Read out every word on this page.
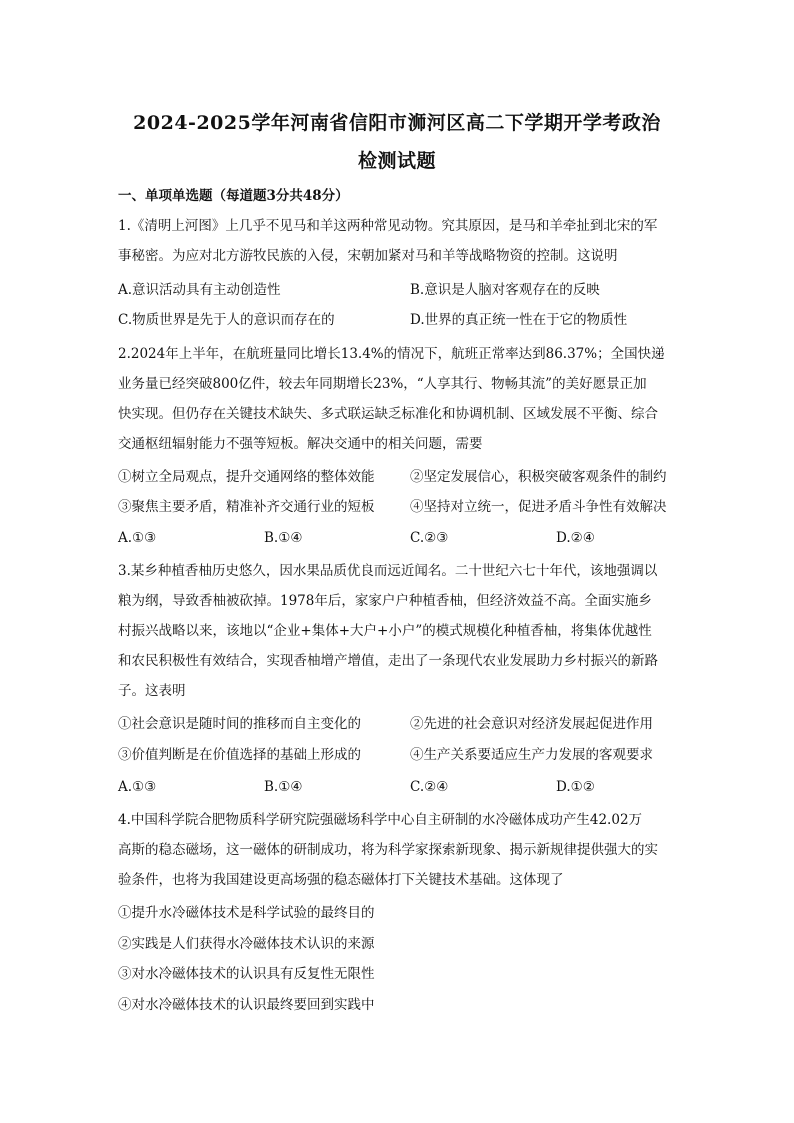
2024-2025学年河南省信阳市浉河区高二下学期开学考政治
检测试题
一、单项单选题（每道题3分共48分）
1.《清明上河图》上几乎不见马和羊这两种常见动物。究其原因，是马和羊牵扯到北宋的军
事秘密。为应对北方游牧民族的入侵，宋朝加紧对马和羊等战略物资的控制。这说明
A.意识活动具有主动创造性	B.意识是人脑对客观存在的反映
C.物质世界是先于人的意识而存在的	D.世界的真正统一性在于它的物质性
2.2024年上半年，在航班量同比增长13.4%的情况下，航班正常率达到86.37%；全国快递
业务量已经突破800亿件，较去年同期增长23%，“人享其行、物畅其流”的美好愿景正加
快实现。但仍存在关键技术缺失、多式联运缺乏标准化和协调机制、区域发展不平衡、综合
交通枢纽辐射能力不强等短板。解决交通中的相关问题，需要
①树立全局观点，提升交通网络的整体效能	②坚定发展信心，积极突破客观条件的制约
③聚焦主要矛盾，精准补齐交通行业的短板	④坚持对立统一，促进矛盾斗争性有效解决
A.①③	B.①④	C.②③	D.②④
3.某乡种植香柚历史悠久，因水果品质优良而远近闻名。二十世纪六七十年代，该地强调以
粮为纲，导致香柚被砍掉。1978年后，家家户户种植香柚，但经济效益不高。全面实施乡
村振兴战略以来，该地以“企业+集体+大户+小户”的模式规模化种植香柚，将集体优越性
和农民积极性有效结合，实现香柚增产增值，走出了一条现代农业发展助力乡村振兴的新路
子。这表明
①社会意识是随时间的推移而自主变化的	②先进的社会意识对经济发展起促进作用
③价值判断是在价值选择的基础上形成的	④生产关系要适应生产力发展的客观要求
A.①③	B.①④	C.②④	D.①②
4.中国科学院合肥物质科学研究院强磁场科学中心自主研制的水冷磁体成功产生42.02万
高斯的稳态磁场，这一磁体的研制成功，将为科学家探索新现象、揭示新规律提供强大的实
验条件，也将为我国建设更高场强的稳态磁体打下关键技术基础。这体现了
①提升水冷磁体技术是科学试验的最终目的
②实践是人们获得水冷磁体技术认识的来源
③对水冷磁体技术的认识具有反复性无限性
④对水冷磁体技术的认识最终要回到实践中
